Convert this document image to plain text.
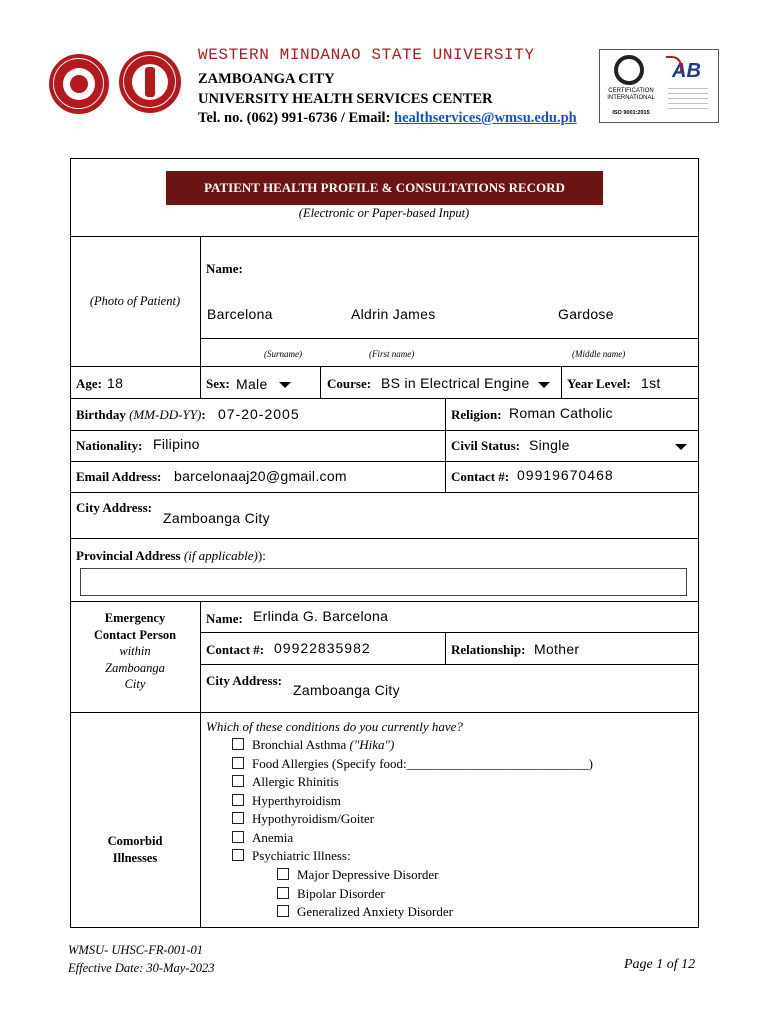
WESTERN MINDANAO STATE UNIVERSITY
ZAMBOANGA CITY
UNIVERSITY HEALTH SERVICES CENTER
Tel. no. (062) 991-6736 / Email: healthservices@wmsu.edu.ph
CERTIFICATION INTERNATIONAL
ISO 9001:2015
AB
PATIENT HEALTH PROFILE & CONSULTATIONS RECORD
(Electronic or Paper-based Input)
(Photo of Patient)
Name:
Barcelona	Aldrin James	Gardose
(Surname)	(First name)	(Middle name)
Age: 18	Sex: Male	Course: BS in Electrical Engine	Year Level: 1st
Birthday (MM-DD-YY): 07-20-2005	Religion: Roman Catholic
Nationality: Filipino	Civil Status: Single
Email Address: barcelonaaj20@gmail.com	Contact #: 09919670468
City Address:
Zamboanga City
Provincial Address (if applicable)):
Emergency
Contact Person
within
Zamboanga
City
Name: Erlinda G. Barcelona
Contact #: 09922835982	Relationship: Mother
City Address:
Zamboanga City
Comorbid
Illnesses
Which of these conditions do you currently have?
Bronchial Asthma ("Hika")
Food Allergies (Specify food:____________________________)
Allergic Rhinitis
Hyperthyroidism
Hypothyroidism/Goiter
Anemia
Psychiatric Illness:
Major Depressive Disorder
Bipolar Disorder
Generalized Anxiety Disorder
WMSU- UHSC-FR-001-01
Effective Date: 30-May-2023	Page 1 of 12
